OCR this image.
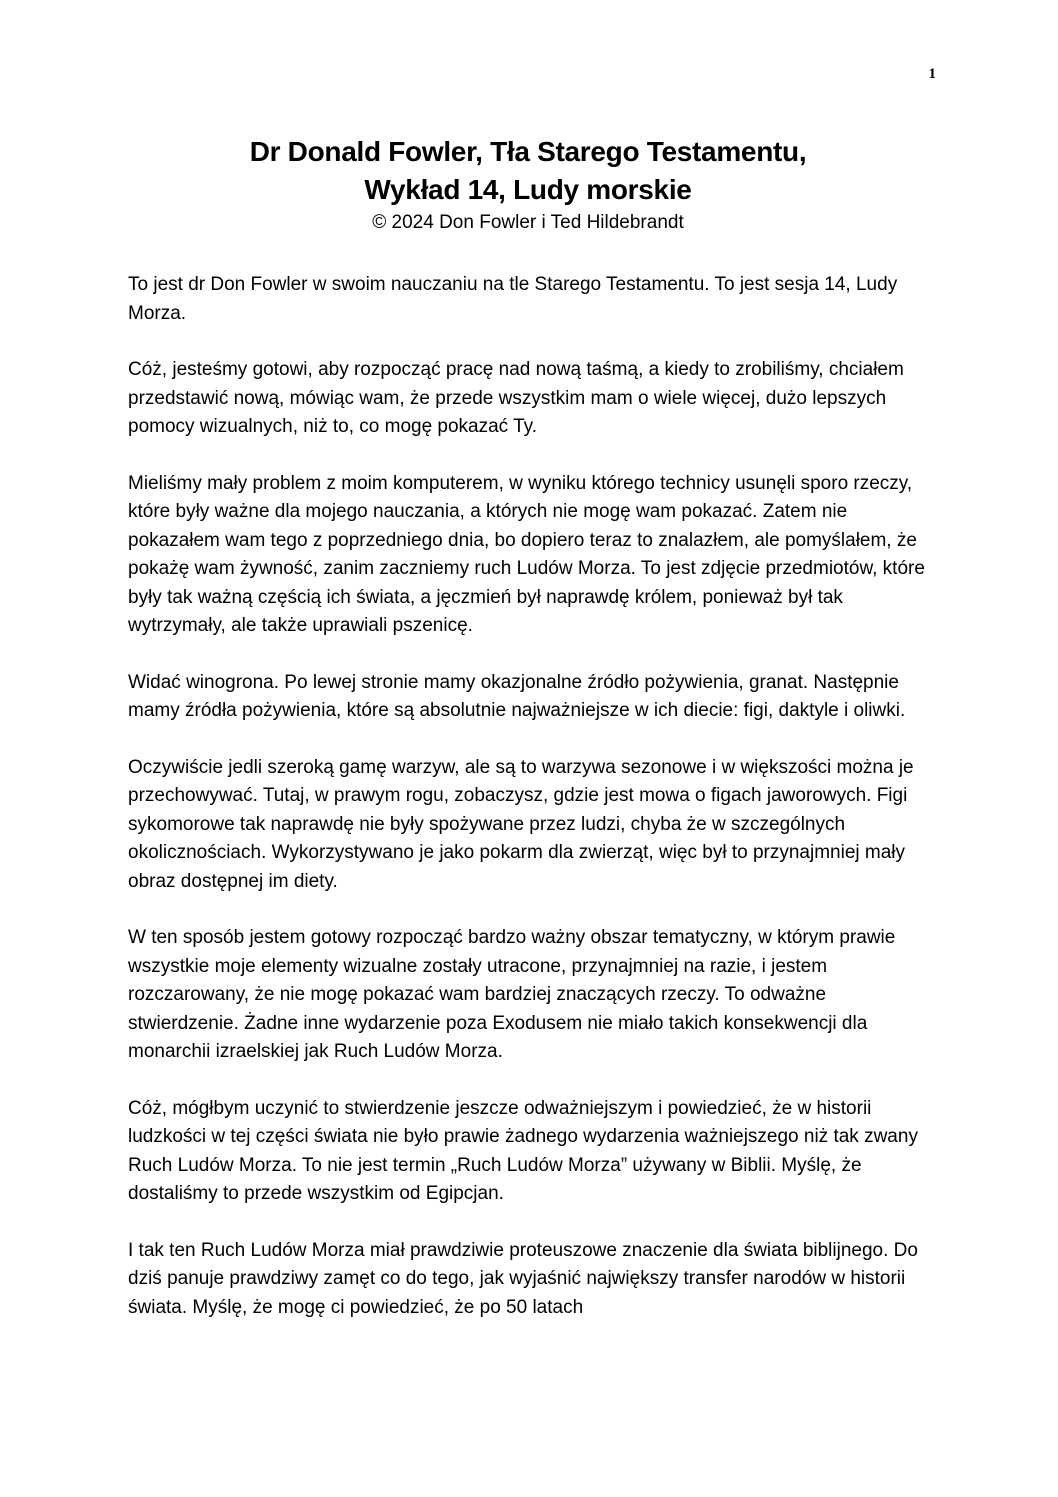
1
Dr Donald Fowler, Tła Starego Testamentu,
Wykład 14, Ludy morskie
© 2024 Don Fowler i Ted Hildebrandt

To jest dr Don Fowler w swoim nauczaniu na tle Starego Testamentu. To jest sesja 14, Ludy Morza.

Cóż, jesteśmy gotowi, aby rozpocząć pracę nad nową taśmą, a kiedy to zrobiliśmy, chciałem przedstawić nową, mówiąc wam, że przede wszystkim mam o wiele więcej, dużo lepszych pomocy wizualnych, niż to, co mogę pokazać Ty.

Mieliśmy mały problem z moim komputerem, w wyniku którego technicy usunęli sporo rzeczy, które były ważne dla mojego nauczania, a których nie mogę wam pokazać. Zatem nie pokazałem wam tego z poprzedniego dnia, bo dopiero teraz to znalazłem, ale pomyślałem, że pokażę wam żywność, zanim zaczniemy ruch Ludów Morza. To jest zdjęcie przedmiotów, które były tak ważną częścią ich świata, a jęczmień był naprawdę królem, ponieważ był tak wytrzymały, ale także uprawiali pszenicę.

Widać winogrona. Po lewej stronie mamy okazjonalne źródło pożywienia, granat. Następnie mamy źródła pożywienia, które są absolutnie najważniejsze w ich diecie: figi, daktyle i oliwki.

Oczywiście jedli szeroką gamę warzyw, ale są to warzywa sezonowe i w większości można je przechowywać. Tutaj, w prawym rogu, zobaczysz, gdzie jest mowa o figach jaworowych. Figi sykomorowe tak naprawdę nie były spożywane przez ludzi, chyba że w szczególnych okolicznościach. Wykorzystywano je jako pokarm dla zwierząt, więc był to przynajmniej mały obraz dostępnej im diety.

W ten sposób jestem gotowy rozpocząć bardzo ważny obszar tematyczny, w którym prawie wszystkie moje elementy wizualne zostały utracone, przynajmniej na razie, i jestem rozczarowany, że nie mogę pokazać wam bardziej znaczących rzeczy. To odważne stwierdzenie. Żadne inne wydarzenie poza Exodusem nie miało takich konsekwencji dla monarchii izraelskiej jak Ruch Ludów Morza.

Cóż, mógłbym uczynić to stwierdzenie jeszcze odważniejszym i powiedzieć, że w historii ludzkości w tej części świata nie było prawie żadnego wydarzenia ważniejszego niż tak zwany Ruch Ludów Morza. To nie jest termin „Ruch Ludów Morza” używany w Biblii. Myślę, że dostaliśmy to przede wszystkim od Egipcjan.

I tak ten Ruch Ludów Morza miał prawdziwie proteuszowe znaczenie dla świata biblijnego. Do dziś panuje prawdziwy zamęt co do tego, jak wyjaśnić największy transfer narodów w historii świata. Myślę, że mogę ci powiedzieć, że po 50 latach
